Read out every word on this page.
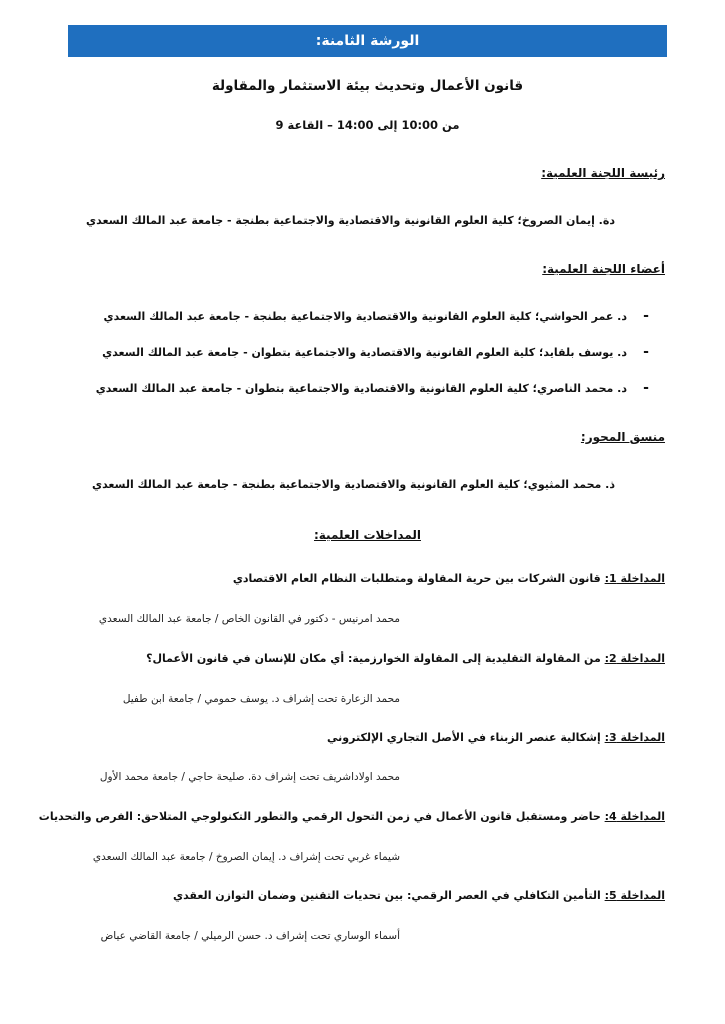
الورشة الثامنة:
قانون الأعمال وتحديث بيئة الاستثمار والمقاولة
من 10:00 إلى 14:00 – القاعة 9
رئيسة اللجنة العلمية:
دة. إيمان الصروخ؛ كلية العلوم القانونية والاقتصادية والاجتماعية بطنجة - جامعة عبد المالك السعدي
أعضاء اللجنة العلمية:
-
د. عمر الحواشي؛ كلية العلوم القانونية والاقتصادية والاجتماعية بطنجة - جامعة عبد المالك السعدي
-
د. يوسف بلقايد؛ كلية العلوم القانونية والاقتصادية والاجتماعية بتطوان - جامعة عبد المالك السعدي
-
د. محمد الناصري؛ كلية العلوم القانونية والاقتصادية والاجتماعية بتطوان - جامعة عبد المالك السعدي
منسق المحور:
ذ. محمد المثيوي؛ كلية العلوم القانونية والاقتصادية والاجتماعية بطنجة - جامعة عبد المالك السعدي
المداخلات العلمية:
المداخلة 1: قانون الشركات بين حرية المقاولة ومتطلبات النظام العام الاقتصادي
محمد امرنيس - دكتور في القانون الخاص / جامعة عبد المالك السعدي
المداخلة 2: من المقاولة التقليدية إلى المقاولة الخوارزمية: أي مكان للإنسان في قانون الأعمال؟
محمد الزعارة تحت إشراف د. يوسف حمومي / جامعة ابن طفيل
المداخلة 3: إشكالية عنصر الزبناء في الأصل التجاري الإلكتروني
محمد اولاداشريف تحت إشراف دة. صليحة حاجي / جامعة محمد الأول
المداخلة 4: حاضر ومستقبل قانون الأعمال في زمن التحول الرقمي والتطور التكنولوجي المتلاحق: الفرص والتحديات
شيماء غربي تحت إشراف د. إيمان الصروخ / جامعة عبد المالك السعدي
المداخلة 5: التأمين التكافلي في العصر الرقمي: بين تحديات التقنين وضمان التوازن العقدي
أسماء الوساري تحت إشراف د. حسن الرميلي / جامعة القاضي عياض
